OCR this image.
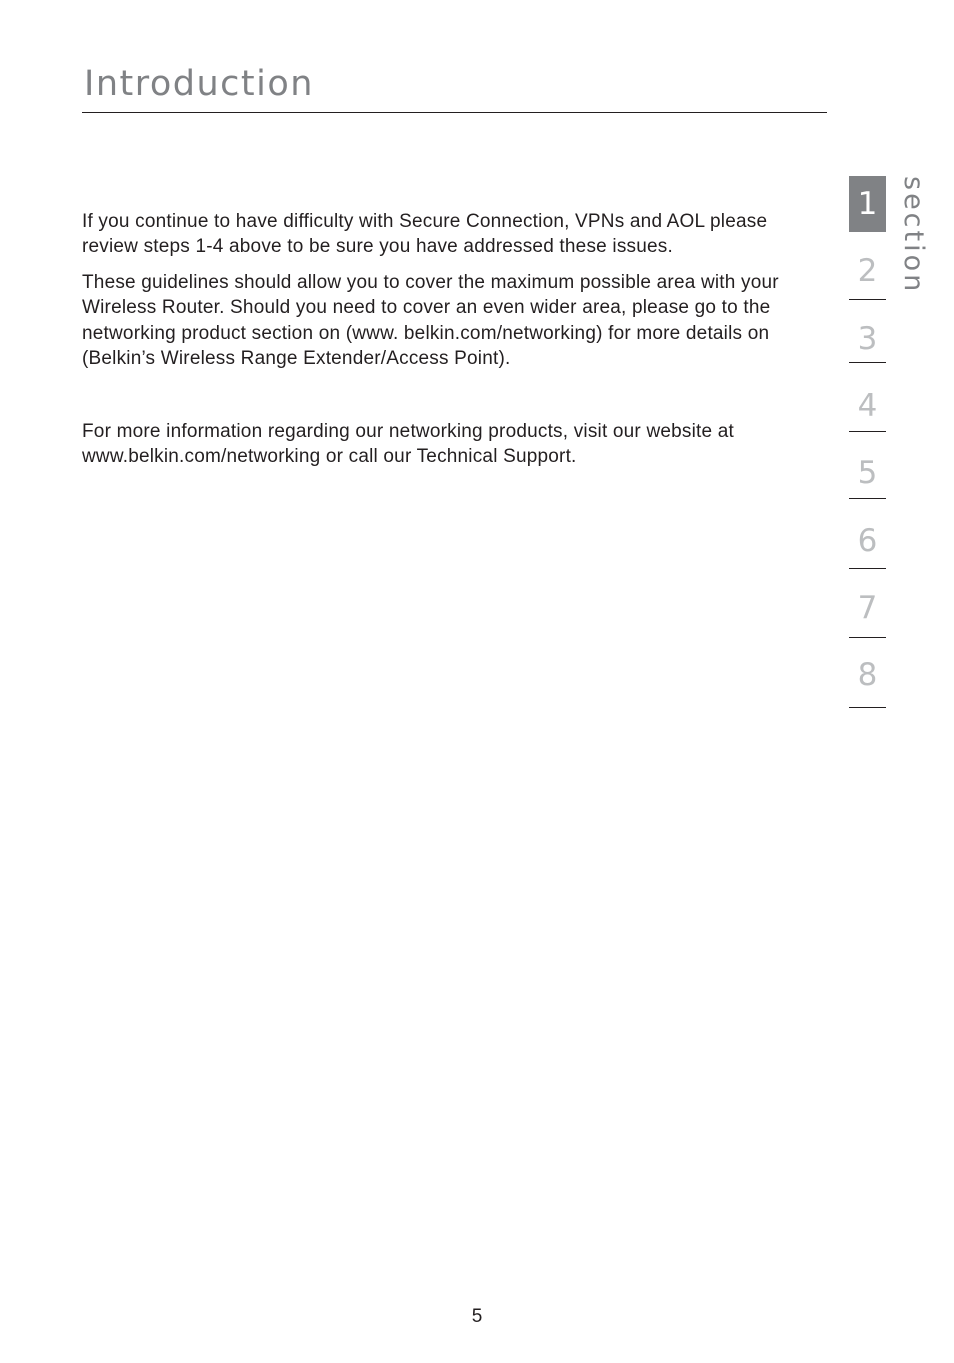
Introduction

If you continue to have difficulty with Secure Connection, VPNs and AOL please review steps 1-4 above to be sure you have addressed these issues.

These guidelines should allow you to cover the maximum possible area with your Wireless Router. Should you need to cover an even wider area, please go to the networking product section on (www. belkin.com/networking) for more details on (Belkin’s Wireless Range Extender/Access Point).

For more information regarding our networking products, visit our website at www.belkin.com/networking or call our Technical Support.

section
1
2
3
4
5
6
7
8
5
